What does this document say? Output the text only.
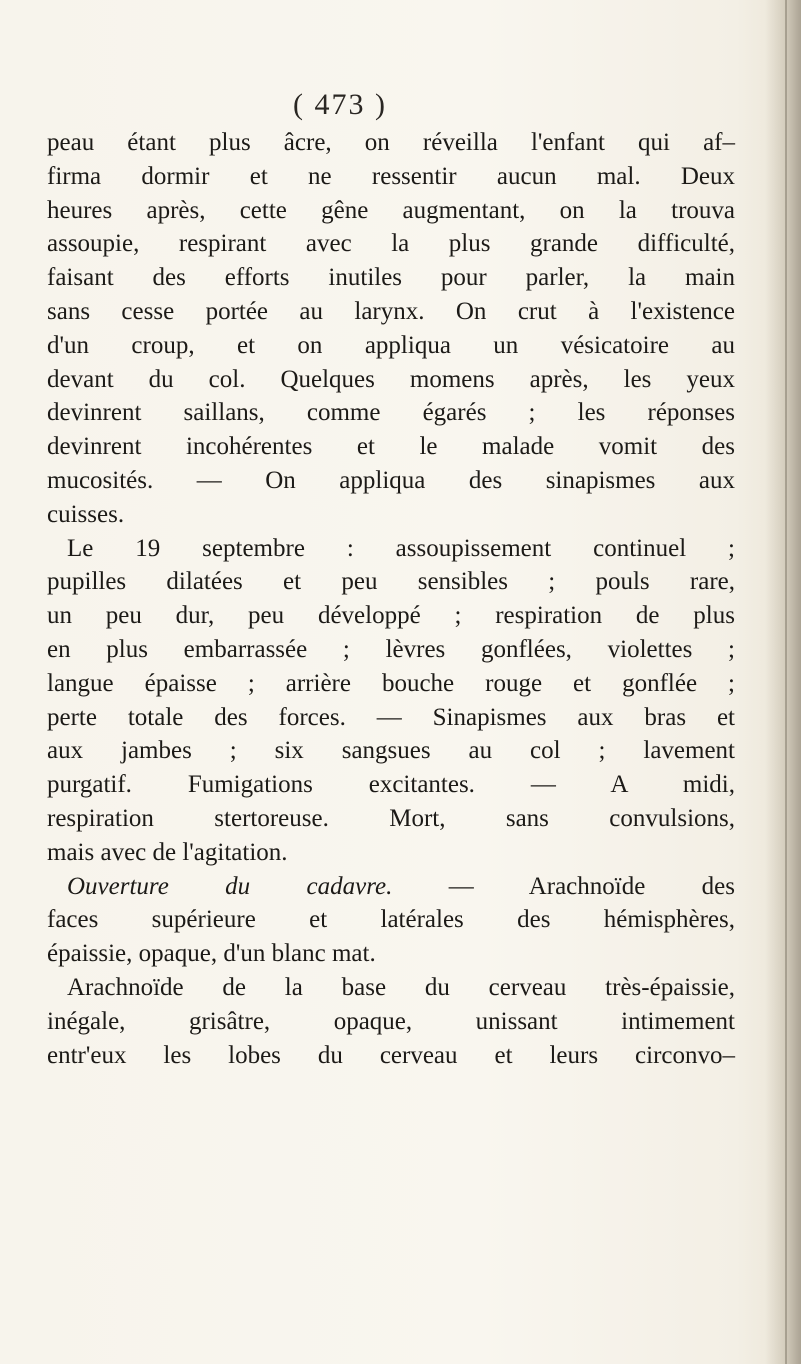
( 473 )
peau étant plus âcre, on réveilla l'enfant qui af–
firma dormir et ne ressentir aucun mal. Deux
heures après, cette gêne augmentant, on la trouva
assoupie, respirant avec la plus grande difficulté,
faisant des efforts inutiles pour parler, la main
sans cesse portée au larynx. On crut à l'existence
d'un croup, et on appliqua un vésicatoire au
devant du col. Quelques momens après, les yeux
devinrent saillans, comme égarés ; les réponses
devinrent incohérentes et le malade vomit des
mucosités. — On appliqua des sinapismes aux
cuisses.
Le 19 septembre : assoupissement continuel ;
pupilles dilatées et peu sensibles ; pouls rare,
un peu dur, peu développé ; respiration de plus
en plus embarrassée ; lèvres gonflées, violettes ;
langue épaisse ; arrière bouche rouge et gonflée ;
perte totale des forces. — Sinapismes aux bras et
aux jambes ; six sangsues au col ; lavement
purgatif. Fumigations excitantes. — A midi,
respiration stertoreuse. Mort, sans convulsions,
mais avec de l'agitation.
Ouverture du cadavre. — Arachnoïde des
faces supérieure et latérales des hémisphères,
épaissie, opaque, d'un blanc mat.
Arachnoïde de la base du cerveau très-épaissie,
inégale, grisâtre, opaque, unissant intimement
entr'eux les lobes du cerveau et leurs circonvo–
